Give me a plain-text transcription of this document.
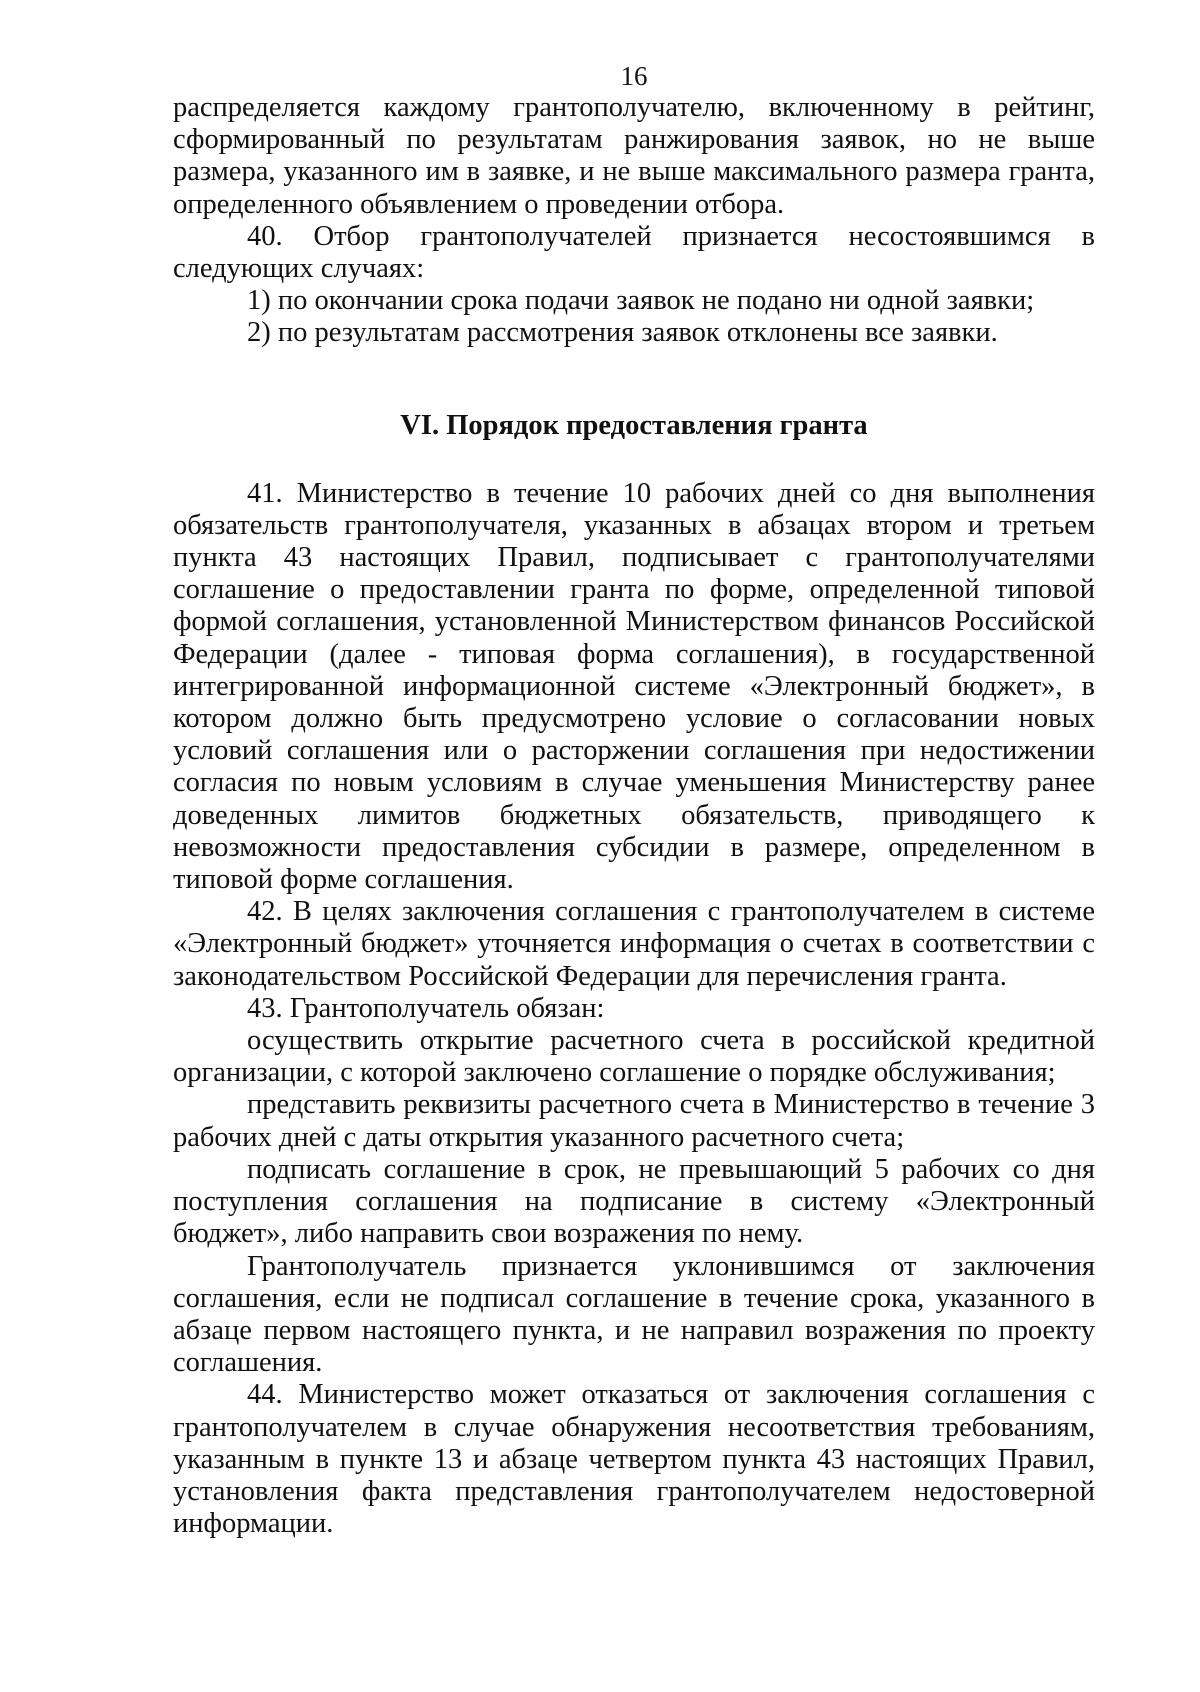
16

распределяется каждому грантополучателю, включенному в рейтинг, сформированный по результатам ранжирования заявок, но не выше размера, указанного им в заявке, и не выше максимального размера гранта, определенного объявлением о проведении отбора.

40. Отбор грантополучателей признается несостоявшимся в следующих случаях:

1) по окончании срока подачи заявок не подано ни одной заявки;

2) по результатам рассмотрения заявок отклонены все заявки.

VI. Порядок предоставления гранта

41. Министерство в течение 10 рабочих дней со дня выполнения обязательств грантополучателя, указанных в абзацах втором и третьем пункта 43 настоящих Правил, подписывает с грантополучателями соглашение о предоставлении гранта по форме, определенной типовой формой соглашения, установленной Министерством финансов Российской Федерации (далее - типовая форма соглашения), в государственной интегрированной информационной системе «Электронный бюджет», в котором должно быть предусмотрено условие о согласовании новых условий соглашения или о расторжении соглашения при недостижении согласия по новым условиям в случае уменьшения Министерству ранее доведенных лимитов бюджетных обязательств, приводящего к невозможности предоставления субсидии в размере, определенном в типовой форме соглашения.

42. В целях заключения соглашения с грантополучателем в системе «Электронный бюджет» уточняется информация о счетах в соответствии с законодательством Российской Федерации для перечисления гранта.

43. Грантополучатель обязан:

осуществить открытие расчетного счета в российской кредитной организации, с которой заключено соглашение о порядке обслуживания;

представить реквизиты расчетного счета в Министерство в течение 3 рабочих дней с даты открытия указанного расчетного счета;

подписать соглашение в срок, не превышающий 5 рабочих со дня поступления соглашения на подписание в систему «Электронный бюджет», либо направить свои возражения по нему.

Грантополучатель признается уклонившимся от заключения соглашения, если не подписал соглашение в течение срока, указанного в абзаце первом настоящего пункта, и не направил возражения по проекту соглашения.

44. Министерство может отказаться от заключения соглашения с грантополучателем в случае обнаружения несоответствия требованиям, указанным в пункте 13 и абзаце четвертом пункта 43 настоящих Правил, установления факта представления грантополучателем недостоверной информации.
